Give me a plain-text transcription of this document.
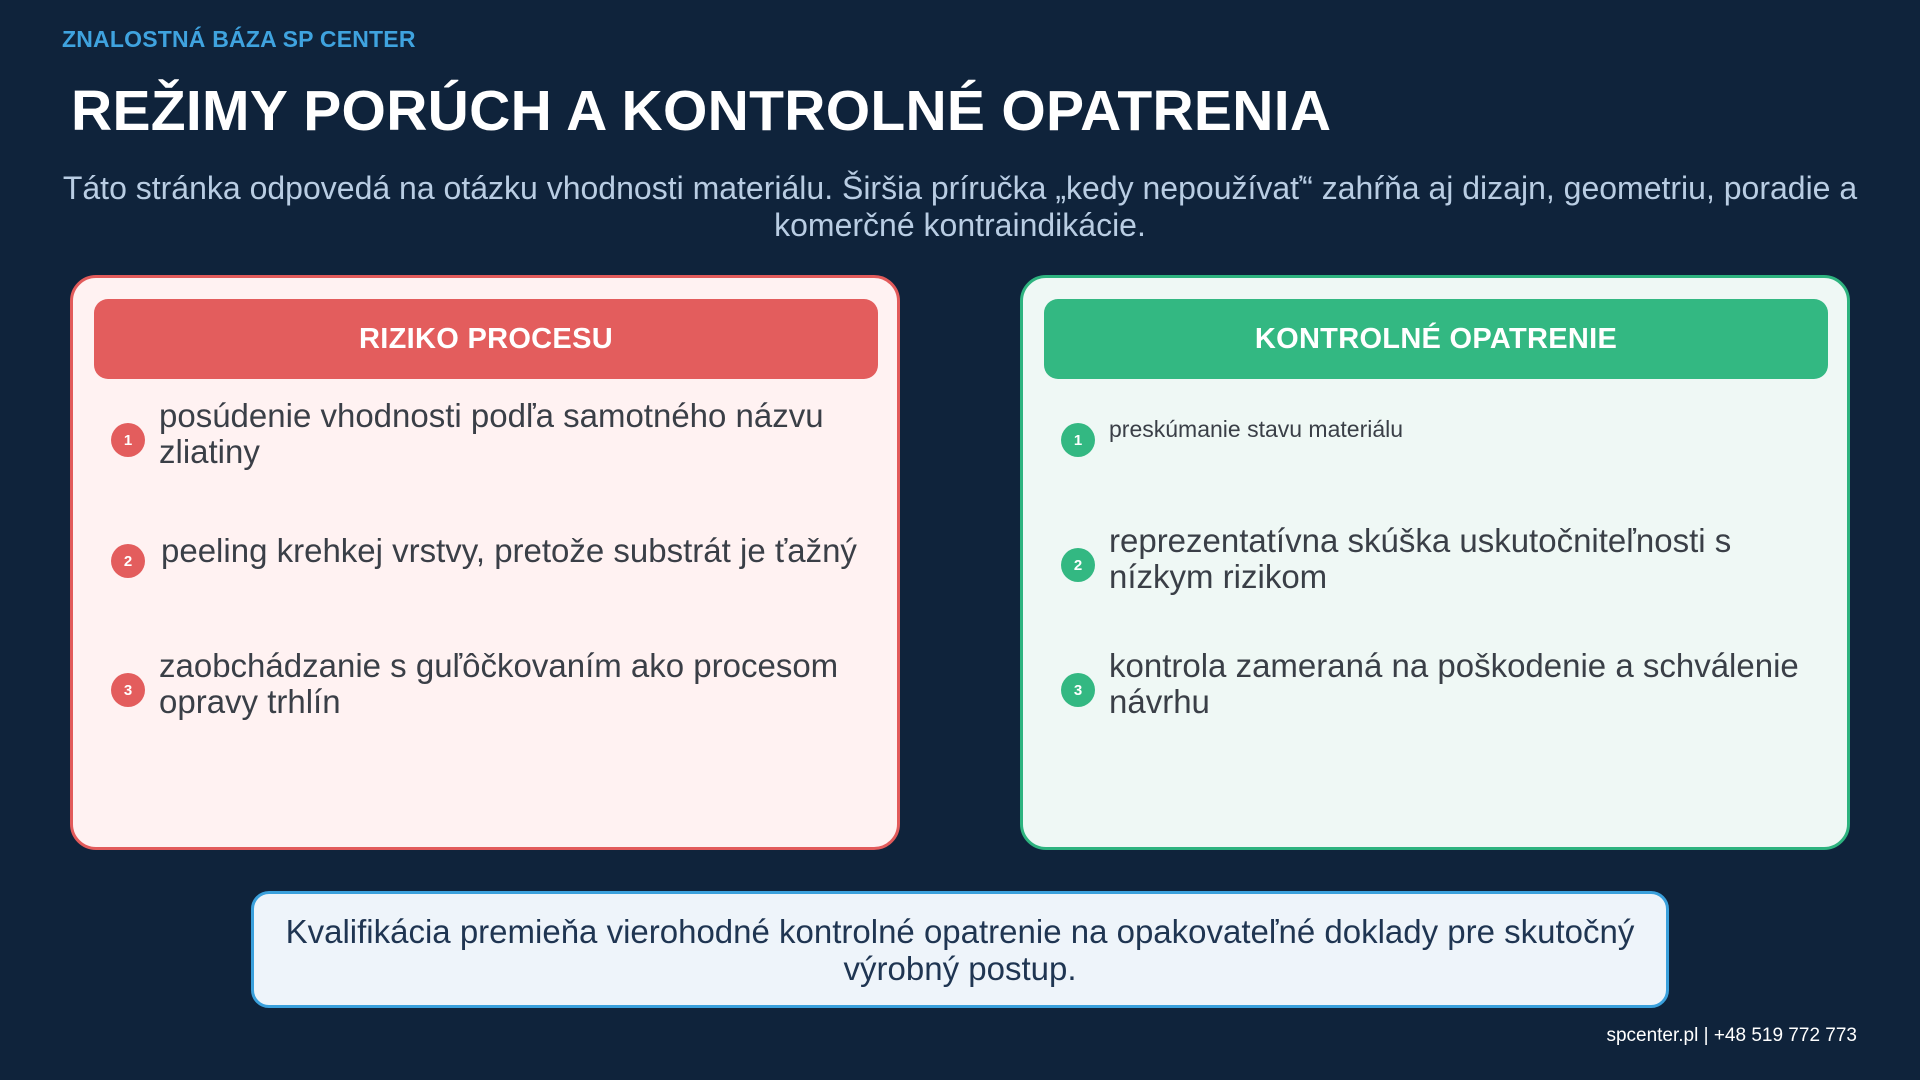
ZNALOSTNÁ BÁZA SP CENTER
REŽIMY PORÚCH A KONTROLNÉ OPATRENIA
Táto stránka odpovedá na otázku vhodnosti materiálu. Širšia príručka „kedy nepoužívať“ zahŕňa aj dizajn, geometriu, poradie a komerčné kontraindikácie.
RIZIKO PROCESU
1
posúdenie vhodnosti podľa samotného názvu zliatiny
2 peeling krehkej vrstvy, pretože substrát je ťažný
3
zaobchádzanie s guľôčkovaním ako procesom opravy trhlín
KONTROLNÉ OPATRENIE
1	preskúmanie stavu materiálu
2
reprezentatívna skúška uskutočniteľnosti s nízkym rizikom
3
kontrola zameraná na poškodenie a schválenie návrhu
Kvalifikácia premieňa vierohodné kontrolné opatrenie na opakovateľné doklady pre skutočný výrobný postup.
spcenter.pl | +48 519 772 773
